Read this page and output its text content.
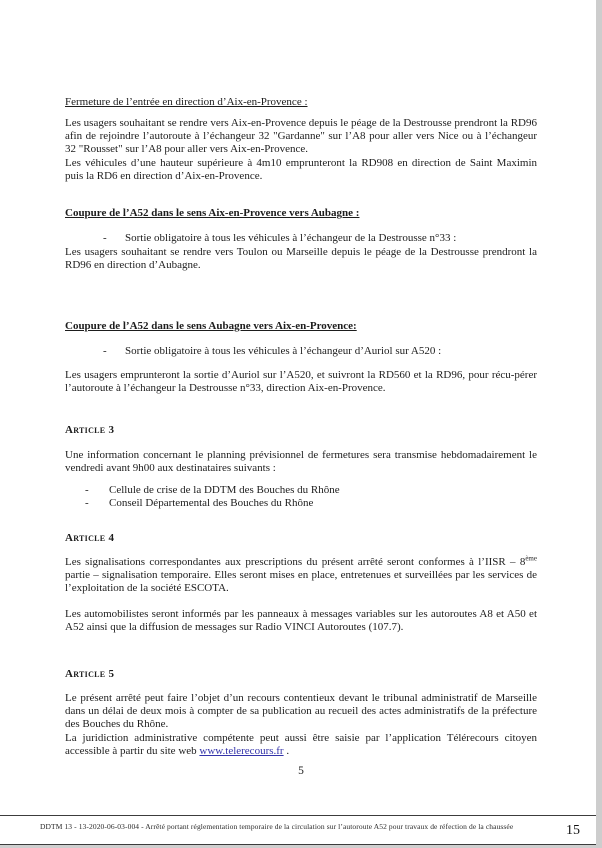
Fermeture de l’entrée en direction d’Aix-en-Provence :

Les usagers souhaitant se rendre vers Aix-en-Provence depuis le péage de la Destrousse prendront la RD96 afin de rejoindre l’autoroute à l’échangeur 32 "Gardanne" sur l’A8 pour aller vers Nice ou à l’échangeur 32 "Rousset" sur l’A8 pour aller vers Aix-en-Provence.

Les véhicules d’une hauteur supérieure à 4m10 emprunteront la RD908 en direction de Saint Maximin puis la RD6 en direction d’Aix-en-Provence.

Coupure de l’A52 dans le sens Aix-en-Provence vers Aubagne :
-	Sortie obligatoire à tous les véhicules à l’échangeur de la Destrousse n°33 :

Les usagers souhaitant se rendre vers Toulon ou Marseille depuis le péage de la Destrousse prendront la RD96 en direction d’Aubagne.

Coupure de l’A52 dans le sens Aubagne vers Aix-en-Provence:
-	Sortie obligatoire à tous les véhicules à l’échangeur d’Auriol sur A520 :

Les usagers emprunteront la sortie d’Auriol sur l’A520, et suivront la RD560 et la RD96, pour récu-pérer l’autoroute à l’échangeur la Destrousse n°33, direction Aix-en-Provence.

Article 3

Une information concernant le planning prévisionnel de fermetures sera transmise hebdomadairement le vendredi avant 9h00 aux destinataires suivants :

-	Cellule de crise de la DDTM des Bouches du Rhône
-	Conseil Départemental des Bouches du Rhône
Article 4

Les signalisations correspondantes aux prescriptions du présent arrêté seront conformes à l’IISR – 8ème partie – signalisation temporaire. Elles seront mises en place, entretenues et surveillées par les services de l’exploitation de la société ESCOTA.

Les automobilistes seront informés par les panneaux à messages variables sur les autoroutes A8 et A50 et A52 ainsi que la diffusion de messages sur Radio VINCI Autoroutes (107.7).

Article 5

Le présent arrêté peut faire l’objet d’un recours contentieux devant le tribunal administratif de Marseille dans un délai de deux mois à compter de sa publication au recueil des actes administratifs de la préfecture des Bouches du Rhône.

La juridiction administrative compétente peut aussi être saisie par l’application Télérecours citoyen accessible à partir du site web www.telerecours.fr .

5
DDTM 13 - 13-2020-06-03-004 - Arrêté portant réglementation temporaire de la circulation sur l’autoroute A52 pour travaux de réfection de la chaussée	15
